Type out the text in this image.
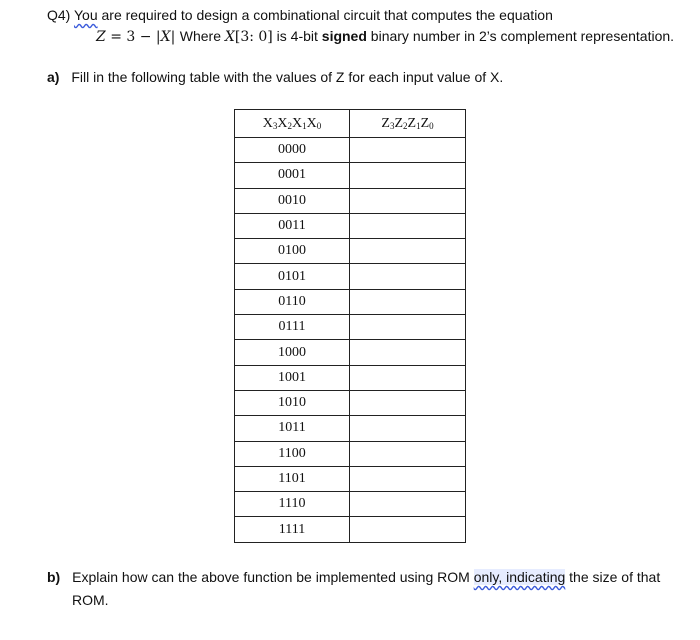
Q4) You are required to design a combinational circuit that computes the equation
Z = 3 − |X| Where X[3: 0] is 4-bit signed binary number in 2’s complement representation.
a) Fill in the following table with the values of Z for each input value of X.
$X_3X_2X_1X_0$	$Z_3Z_2Z_1Z_0$
0000	
0001	
0010	
0011	
0100	
0101	
0110	
0111	
1000	
1001	
1010	
1011	
1100	
1101	
1110	
1111	
b) Explain how can the above function be implemented using ROM only, indicating the size of that
ROM.
